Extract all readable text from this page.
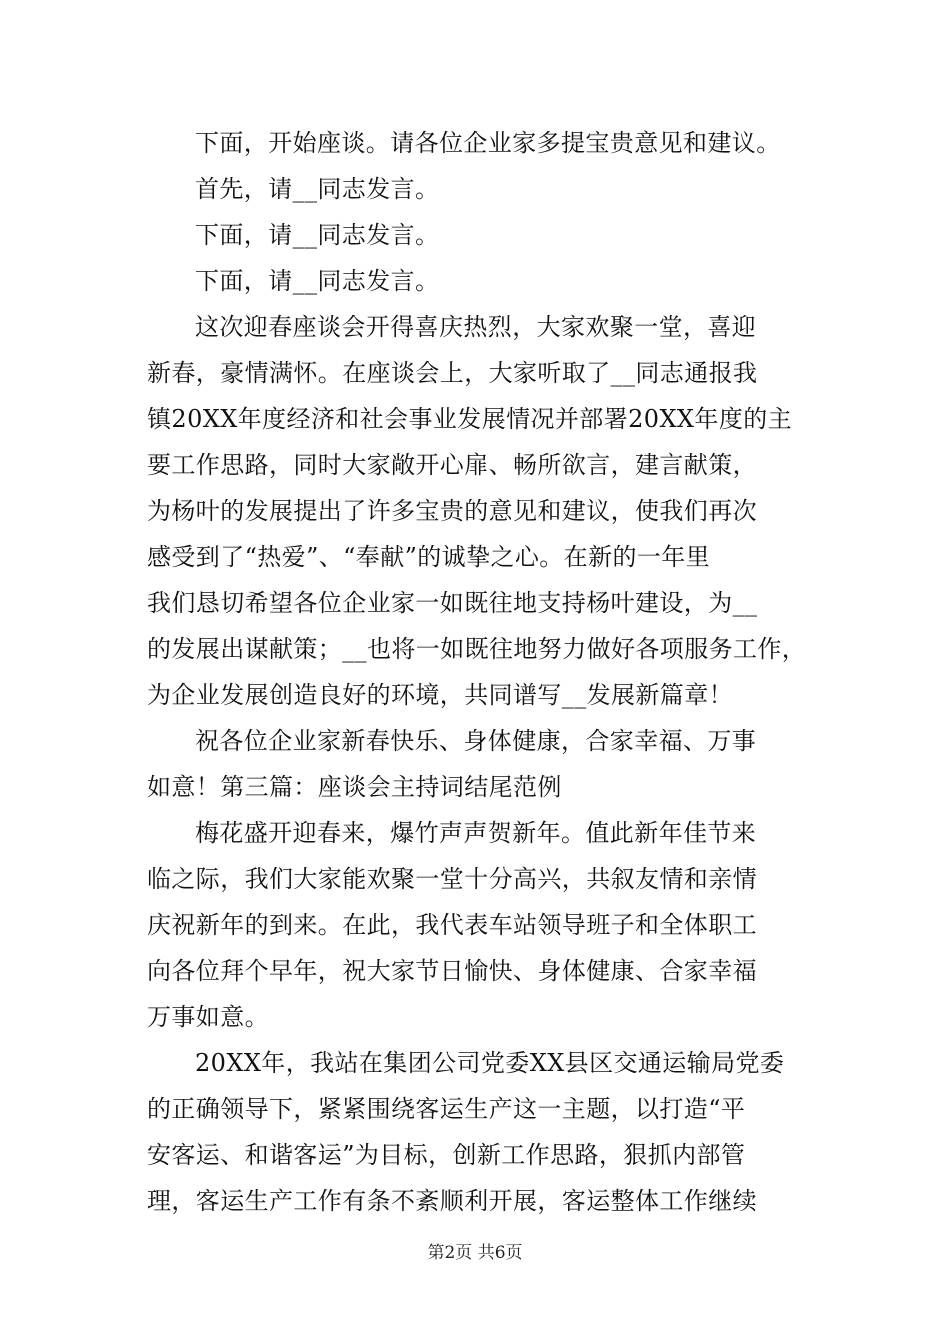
下面，开始座谈。请各位企业家多提宝贵意见和建议。
首先，请__同志发言。
下面，请__同志发言。
下面，请__同志发言。
这次迎春座谈会开得喜庆热烈，大家欢聚一堂，喜迎
新春，豪情满怀。在座谈会上，大家听取了__同志通报我
镇20XX年度经济和社会事业发展情况并部署20XX年度的主
要工作思路，同时大家敞开心扉、畅所欲言，建言献策，
为杨叶的发展提出了许多宝贵的意见和建议，使我们再次
感受到了“热爱”、“奉献”的诚挚之心。在新的一年里
我们恳切希望各位企业家一如既往地支持杨叶建设，为__
的发展出谋献策；__也将一如既往地努力做好各项服务工作，
为企业发展创造良好的环境，共同谱写__发展新篇章！
祝各位企业家新春快乐、身体健康，合家幸福、万事
如意！第三篇：座谈会主持词结尾范例
梅花盛开迎春来，爆竹声声贺新年。值此新年佳节来
临之际，我们大家能欢聚一堂十分高兴，共叙友情和亲情
庆祝新年的到来。在此，我代表车站领导班子和全体职工
向各位拜个早年，祝大家节日愉快、身体健康、合家幸福
万事如意。
20XX年，我站在集团公司党委XX县区交通运输局党委
的正确领导下，紧紧围绕客运生产这一主题，以打造“平
安客运、和谐客运”为目标，创新工作思路，狠抓内部管
理，客运生产工作有条不紊顺利开展，客运整体工作继续
第2页 共6页
